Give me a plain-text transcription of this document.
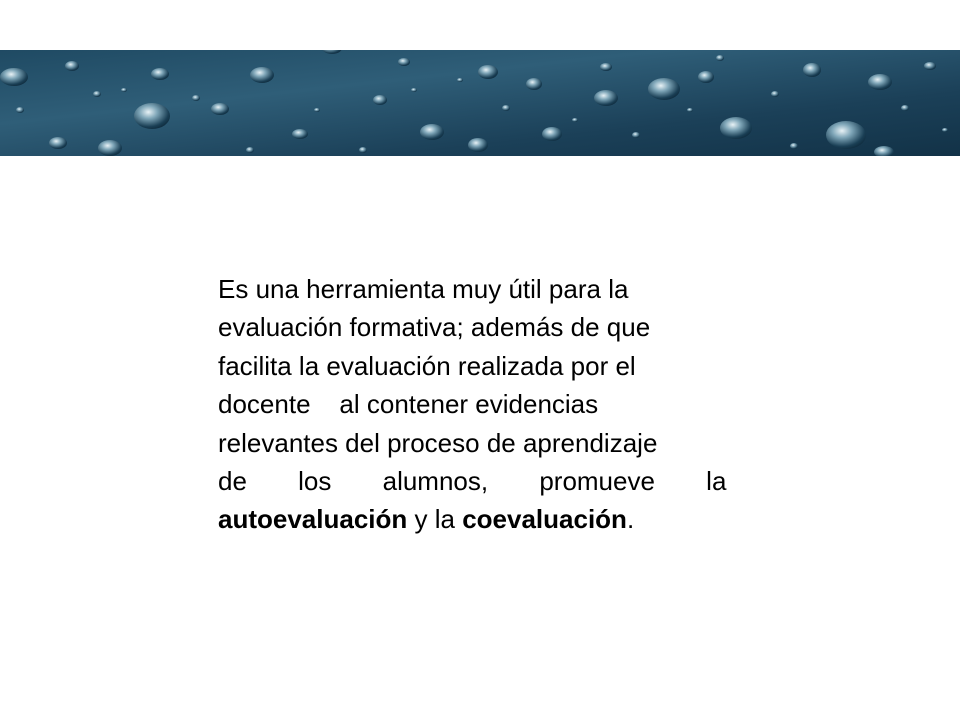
Es una herramienta muy útil para la
evaluación formativa; además de que
facilita la evaluación realizada por el
docente    al contener evidencias
relevantes del proceso de aprendizaje
de los alumnos, promueve la
autoevaluación y la coevaluación.
